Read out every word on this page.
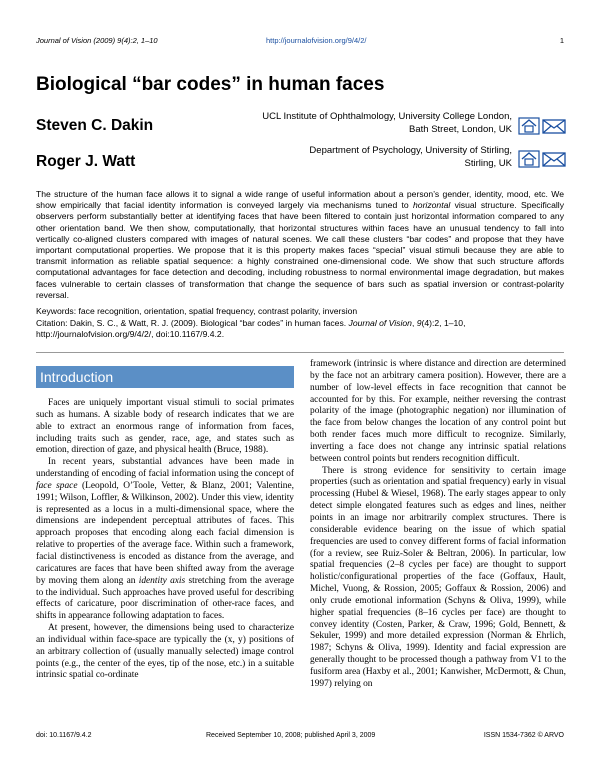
Journal of Vision (2009) 9(4):2, 1–10	http://journalofvision.org/9/4/2/	1
Biological “bar codes” in human faces
Steven C. Dakin
UCL Institute of Ophthalmology, University College London,
Bath Street, London, UK
Roger J. Watt
Department of Psychology, University of Stirling,
Stirling, UK

The structure of the human face allows it to signal a wide range of useful information about a person’s gender, identity, mood, etc. We show empirically that facial identity information is conveyed largely via mechanisms tuned to horizontal visual structure. Specifically observers perform substantially better at identifying faces that have been filtered to contain just horizontal information compared to any other orientation band. We then show, computationally, that horizontal structures within faces have an unusual tendency to fall into vertically co-aligned clusters compared with images of natural scenes. We call these clusters “bar codes” and propose that they have important computational properties. We propose that it is this property makes faces “special” visual stimuli because they are able to transmit information as reliable spatial sequence: a highly constrained one-dimensional code. We show that such structure affords computational advantages for face detection and decoding, including robustness to normal environmental image degradation, but makes faces vulnerable to certain classes of transformation that change the sequence of bars such as spatial inversion or contrast-polarity reversal.

Keywords: face recognition, orientation, spatial frequency, contrast polarity, inversion
Citation: Dakin, S. C., & Watt, R. J. (2009). Biological “bar codes” in human faces. Journal of Vision, 9(4):2, 1–10,
http://journalofvision.org/9/4/2/, doi:10.1167/9.4.2.
Introduction

Faces are uniquely important visual stimuli to social primates such as humans. A sizable body of research indicates that we are able to extract an enormous range of information from faces, including traits such as gender, race, age, and states such as emotion, direction of gaze, and physical health (Bruce, 1988).

In recent years, substantial advances have been made in understanding of encoding of facial information using the concept of face space (Leopold, O’Toole, Vetter, & Blanz, 2001; Valentine, 1991; Wilson, Loffler, & Wilkinson, 2002). Under this view, identity is represented as a locus in a multi-dimensional space, where the dimensions are independent perceptual attributes of faces. This approach proposes that encoding along each facial dimension is relative to properties of the average face. Within such a framework, facial distinctiveness is encoded as distance from the average, and caricatures are faces that have been shifted away from the average by moving them along an identity axis stretching from the average to the individual. Such approaches have proved useful for describing effects of caricature, poor discrimination of other-race faces, and shifts in appearance following adaptation to faces.

At present, however, the dimensions being used to characterize an individual within face-space are typically the (x, y) positions of an arbitrary collection of (usually manually selected) image control points (e.g., the center of the eyes, tip of the nose, etc.) in a suitable intrinsic spatial co-ordinate

framework (intrinsic is where distance and direction are determined by the face not an arbitrary camera position). However, there are a number of low-level effects in face recognition that cannot be accounted for by this. For example, neither reversing the contrast polarity of the image (photographic negation) nor illumination of the face from below changes the location of any control point but both render faces much more difficult to recognize. Similarly, inverting a face does not change any intrinsic spatial relations between control points but renders recognition difficult.

There is strong evidence for sensitivity to certain image properties (such as orientation and spatial frequency) early in visual processing (Hubel & Wiesel, 1968). The early stages appear to only detect simple elongated features such as edges and lines, neither points in an image nor arbitrarily complex structures. There is considerable evidence bearing on the issue of which spatial frequencies are used to convey different forms of facial information (for a review, see Ruiz-Soler & Beltran, 2006). In particular, low spatial frequencies (2–8 cycles per face) are thought to support holistic/configurational properties of the face (Goffaux, Hault, Michel, Vuong, & Rossion, 2005; Goffaux & Rossion, 2006) and only crude emotional information (Schyns & Oliva, 1999), while higher spatial frequencies (8–16 cycles per face) are thought to convey identity (Costen, Parker, & Craw, 1996; Gold, Bennett, & Sekuler, 1999) and more detailed expression (Norman & Ehrlich, 1987; Schyns & Oliva, 1999). Identity and facial expression are generally thought to be processed though a pathway from V1 to the fusiform area (Haxby et al., 2001; Kanwisher, McDermott, & Chun, 1997) relying on

doi: 10.1167/9.4.2	Received September 10, 2008; published April 3, 2009	ISSN 1534-7362 © ARVO
